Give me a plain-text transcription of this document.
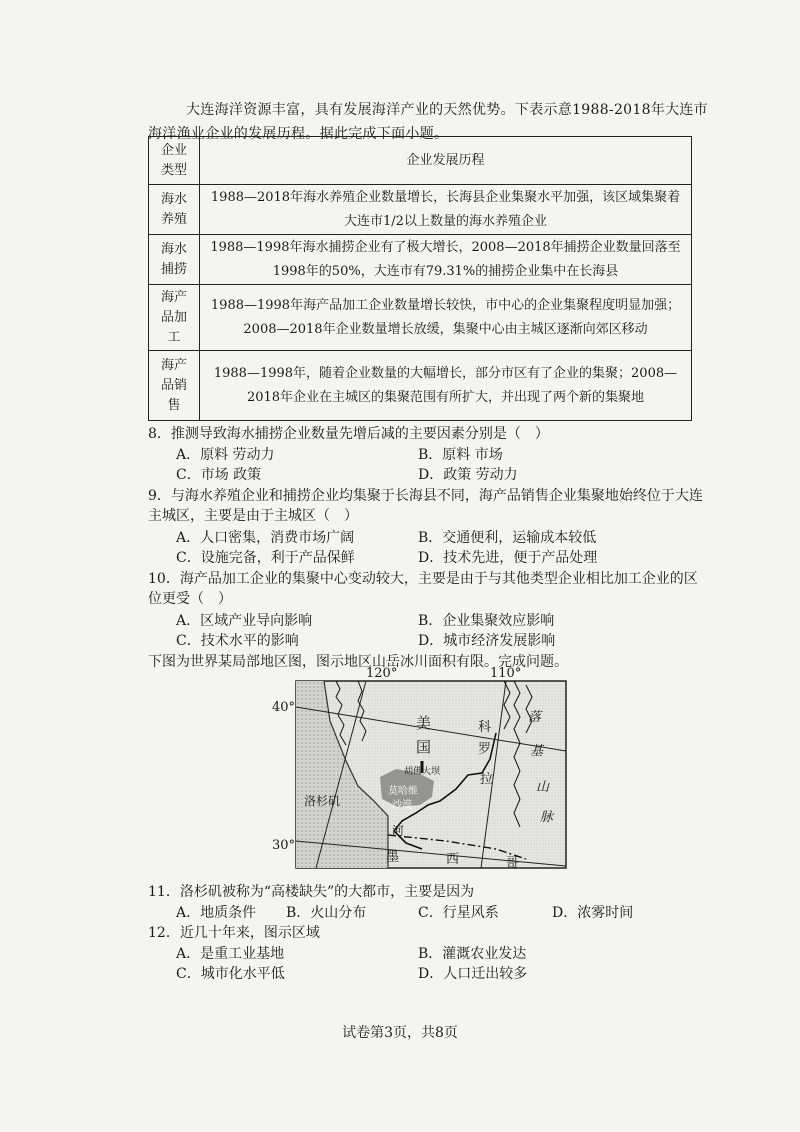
大连海洋资源丰富，具有发展海洋产业的天然优势。下表示意1988-2018年大连市海洋渔业企业的发展历程。据此完成下面小题。
企业类型	企业发展历程
海水养殖	1988—2018年海水养殖企业数量增长，长海县企业集聚水平加强，该区域集聚着大连市1/2以上数量的海水养殖企业
海水捕捞	1988—1998年海水捕捞企业有了极大增长，2008—2018年捕捞企业数量回落至1998年的50%，大连市有79.31%的捕捞企业集中在长海县
海产品加工	1988—1998年海产品加工企业数量增长较快，市中心的企业集聚程度明显加强；2008—2018年企业数量增长放缓，集聚中心由主城区逐渐向郊区移动
海产品销售	1988—1998年，随着企业数量的大幅增长，部分市区有了企业的集聚；2008—2018年企业在主城区的集聚范围有所扩大，并出现了两个新的集聚地
8．推测导致海水捕捞企业数量先增后减的主要因素分别是（　）
A．原料 劳动力	B．原料 市场
C．市场 政策	D．政策 劳动力
9．与海水养殖企业和捕捞企业均集聚于长海县不同，海产品销售企业集聚地始终位于大连主城区，主要是由于主城区（　）
A．人口密集，消费市场广阔	B．交通便利，运输成本较低
C．设施完备，利于产品保鲜	D．技术先进，便于产品处理
10．海产品加工企业的集聚中心变动较大，主要是由于与其他类型企业相比加工企业的区位更受（　）
A．区域产业导向影响	B．企业集聚效应影响
C．技术水平的影响	D．城市经济发展影响
下图为世界某局部地区图，图示地区山岳冰川面积有限。完成问题。
120°	110°
40°
30°
美
国
科
罗
拉
落
基
山
脉
胡佛大坝
莫哈维
沙漠
洛杉矶
墨	西	哥
河
11．洛杉矶被称为“高楼缺失”的大都市，主要是因为
A．地质条件 B．火山分布	C．行星风系	D．浓雾时间
12．近几十年来，图示区域
A．是重工业基地	B．灌溉农业发达
C．城市化水平低	D．人口迁出较多
试卷第3页，共8页
